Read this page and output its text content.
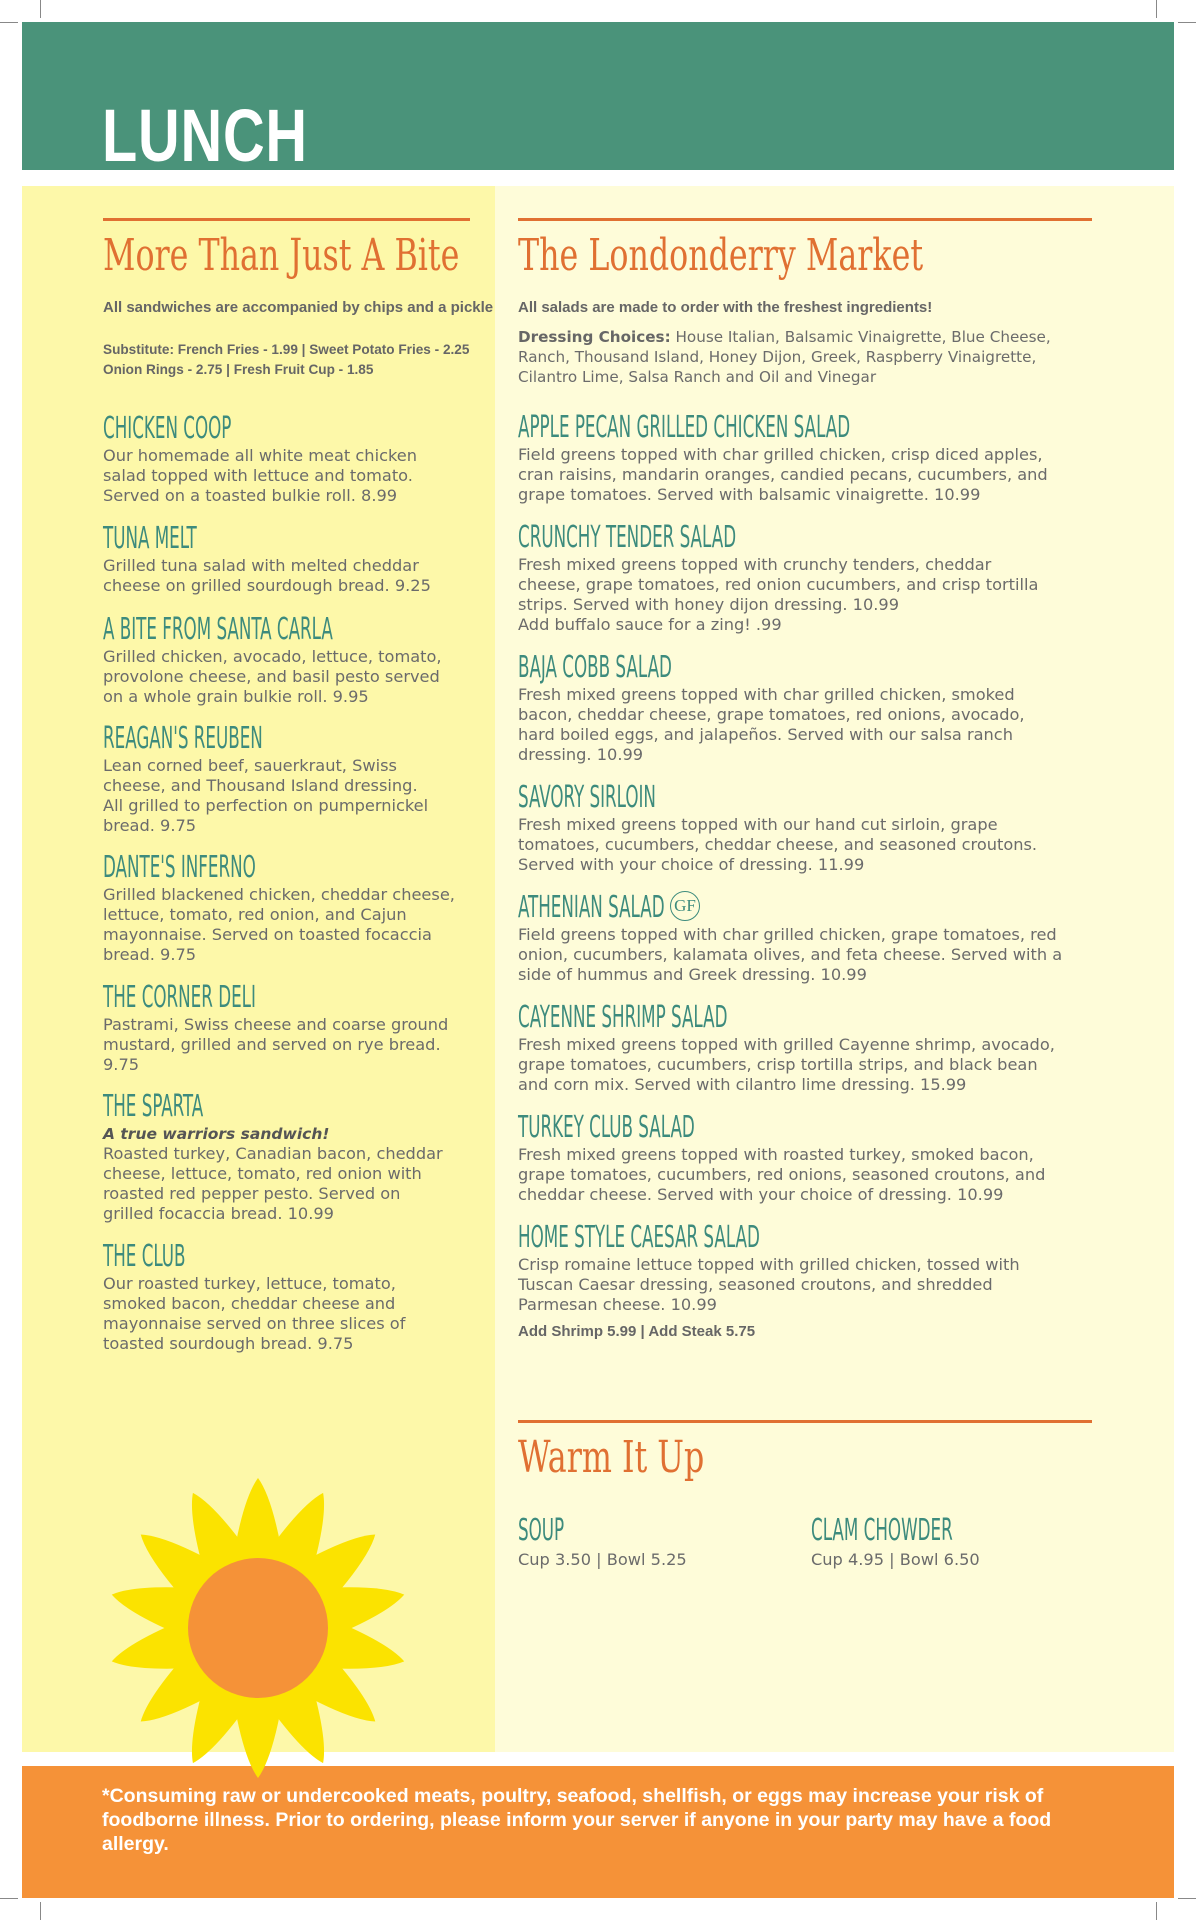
LUNCH
More Than Just A Bite
All sandwiches are accompanied by chips and a pickle
Substitute: French Fries - 1.99 | Sweet Potato Fries - 2.25
Onion Rings - 2.75 | Fresh Fruit Cup - 1.85
CHICKEN COOP
Our homemade all white meat chicken
salad topped with lettuce and tomato.
Served on a toasted bulkie roll. 8.99
TUNA MELT
Grilled tuna salad with melted cheddar
cheese on grilled sourdough bread. 9.25
A BITE FROM SANTA CARLA
Grilled chicken, avocado, lettuce, tomato,
provolone cheese, and basil pesto served
on a whole grain bulkie roll. 9.95
REAGAN'S REUBEN
Lean corned beef, sauerkraut, Swiss
cheese, and Thousand Island dressing.
All grilled to perfection on pumpernickel
bread. 9.75
DANTE'S INFERNO
Grilled blackened chicken, cheddar cheese,
lettuce, tomato, red onion, and Cajun
mayonnaise. Served on toasted focaccia
bread. 9.75
THE CORNER DELI
Pastrami, Swiss cheese and coarse ground
mustard, grilled and served on rye bread.
9.75
THE SPARTA
A true warriors sandwich!
Roasted turkey, Canadian bacon, cheddar
cheese, lettuce, tomato, red onion with
roasted red pepper pesto. Served on
grilled focaccia bread. 10.99
THE CLUB
Our roasted turkey, lettuce, tomato,
smoked bacon, cheddar cheese and
mayonnaise served on three slices of
toasted sourdough bread. 9.75
The Londonderry Market
All salads are made to order with the freshest ingredients!
Dressing Choices: House Italian, Balsamic Vinaigrette, Blue Cheese, Ranch, Thousand Island, Honey Dijon, Greek, Raspberry Vinaigrette, Cilantro Lime, Salsa Ranch and Oil and Vinegar
APPLE PECAN GRILLED CHICKEN SALAD
Field greens topped with char grilled chicken, crisp diced apples,
cran raisins, mandarin oranges, candied pecans, cucumbers, and
grape tomatoes. Served with balsamic vinaigrette. 10.99
CRUNCHY TENDER SALAD
Fresh mixed greens topped with crunchy tenders, cheddar
cheese, grape tomatoes, red onion cucumbers, and crisp tortilla
strips. Served with honey dijon dressing. 10.99
Add buffalo sauce for a zing! .99
BAJA COBB SALAD
Fresh mixed greens topped with char grilled chicken, smoked
bacon, cheddar cheese, grape tomatoes, red onions, avocado,
hard boiled eggs, and jalapeños. Served with our salsa ranch
dressing. 10.99
SAVORY SIRLOIN
Fresh mixed greens topped with our hand cut sirloin, grape
tomatoes, cucumbers, cheddar cheese, and seasoned croutons.
Served with your choice of dressing. 11.99
ATHENIAN SALAD GF
Field greens topped with char grilled chicken, grape tomatoes, red
onion, cucumbers, kalamata olives, and feta cheese. Served with a
side of hummus and Greek dressing. 10.99
CAYENNE SHRIMP SALAD
Fresh mixed greens topped with grilled Cayenne shrimp, avocado,
grape tomatoes, cucumbers, crisp tortilla strips, and black bean
and corn mix. Served with cilantro lime dressing. 15.99
TURKEY CLUB SALAD
Fresh mixed greens topped with roasted turkey, smoked bacon,
grape tomatoes, cucumbers, red onions, seasoned croutons, and
cheddar cheese. Served with your choice of dressing. 10.99
HOME STYLE CAESAR SALAD
Crisp romaine lettuce topped with grilled chicken, tossed with
Tuscan Caesar dressing, seasoned croutons, and shredded
Parmesan cheese. 10.99
Add Shrimp 5.99 | Add Steak 5.75
Warm It Up
SOUP
Cup 3.50 | Bowl 5.25
CLAM CHOWDER
Cup 4.95 | Bowl 6.50
*Consuming raw or undercooked meats, poultry, seafood, shellfish, or eggs may increase your risk of foodborne illness. Prior to ordering, please inform your server if anyone in your party may have a food allergy.
